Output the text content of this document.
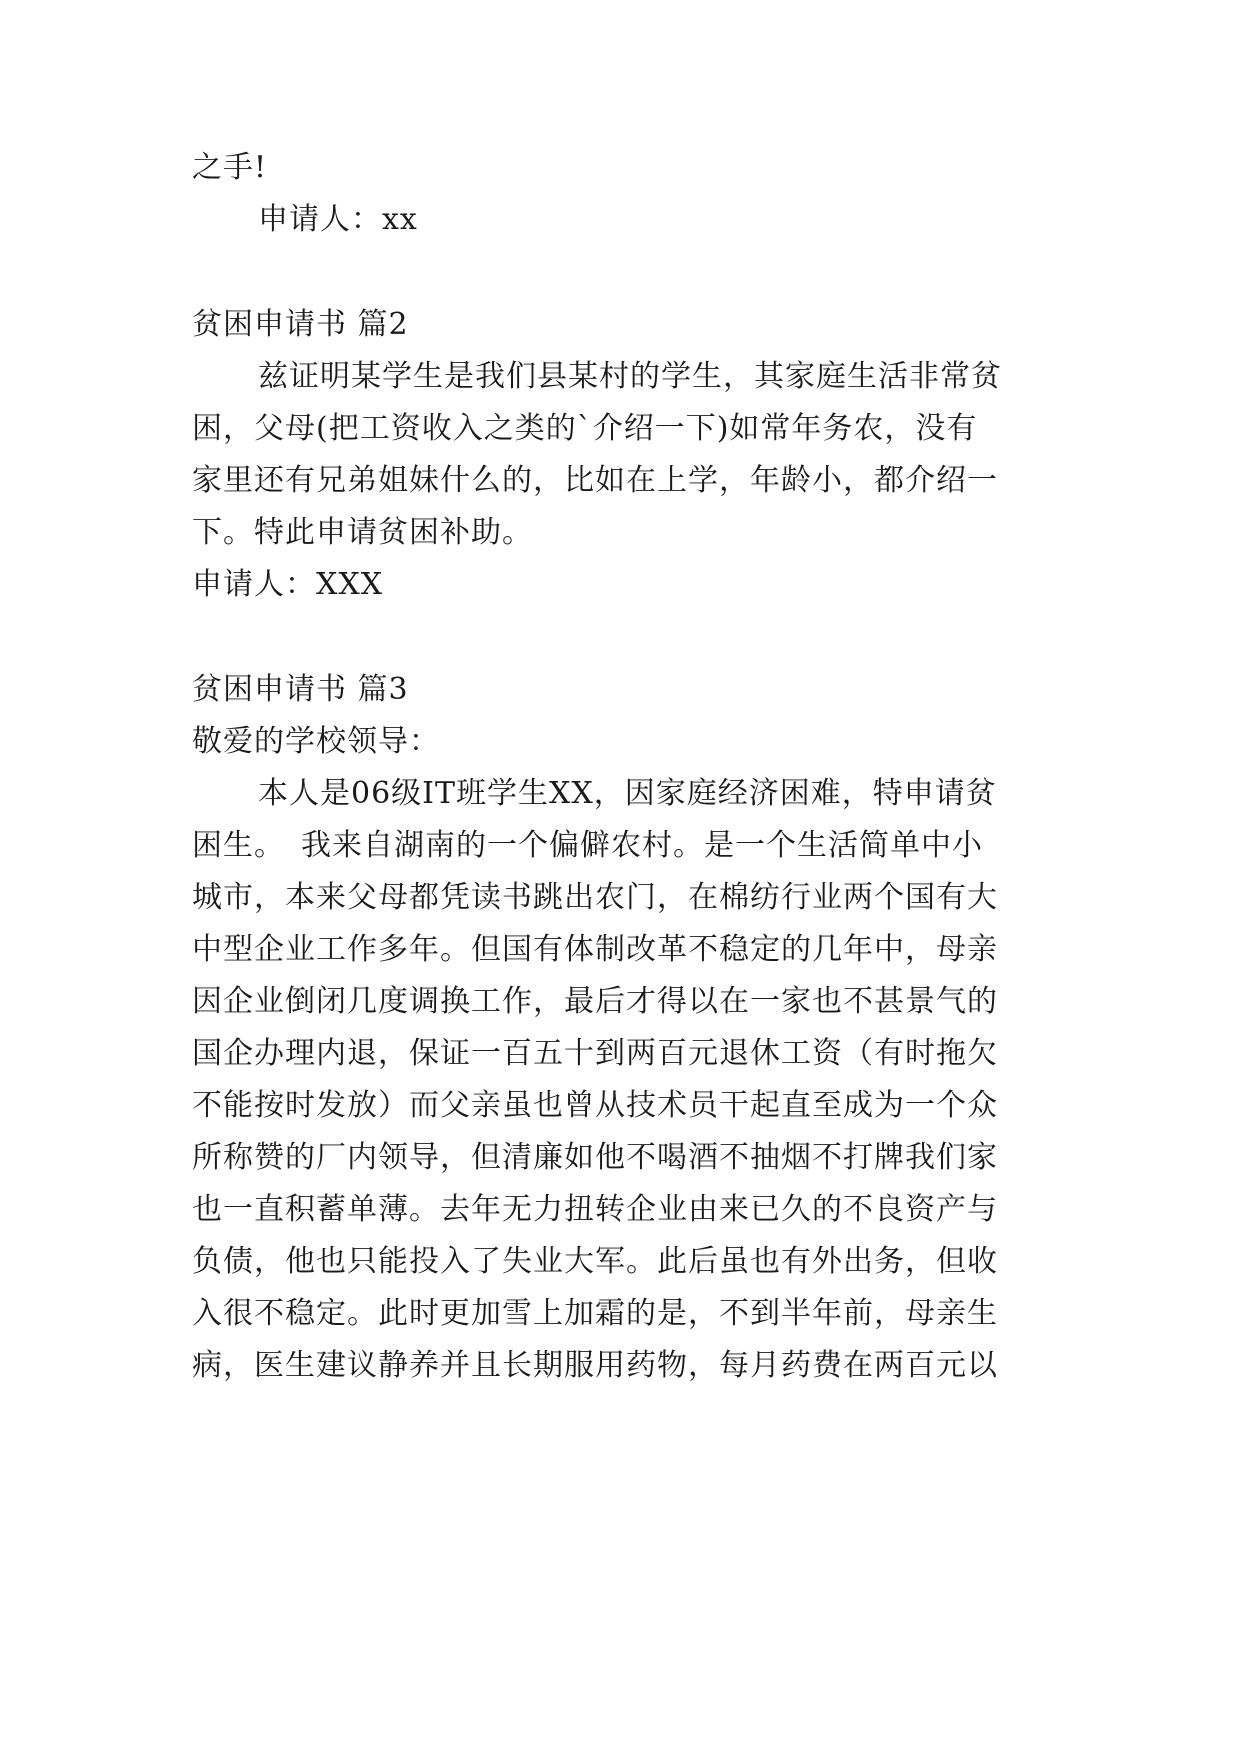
之手!
申请人：xx
贫困申请书 篇2
兹证明某学生是我们县某村的学生，其家庭生活非常贫
困，父母(把工资收入之类的`介绍一下)如常年务农，没有
家里还有兄弟姐妹什么的，比如在上学，年龄小，都介绍一
下。特此申请贫困补助。
申请人：XXX
贫困申请书 篇3
敬爱的学校领导：
本人是06级IT班学生XX，因家庭经济困难，特申请贫
困生。　我来自湖南的一个偏僻农村。是一个生活简单中小
城市，本来父母都凭读书跳出农门，在棉纺行业两个国有大
中型企业工作多年。但国有体制改革不稳定的几年中，母亲
因企业倒闭几度调换工作，最后才得以在一家也不甚景气的
国企办理内退，保证一百五十到两百元退休工资（有时拖欠
不能按时发放）而父亲虽也曾从技术员干起直至成为一个众
所称赞的厂内领导，但清廉如他不喝酒不抽烟不打牌我们家
也一直积蓄单薄。去年无力扭转企业由来已久的不良资产与
负债，他也只能投入了失业大军。此后虽也有外出务，但收
入很不稳定。此时更加雪上加霜的是，不到半年前，母亲生
病，医生建议静养并且长期服用药物，每月药费在两百元以
